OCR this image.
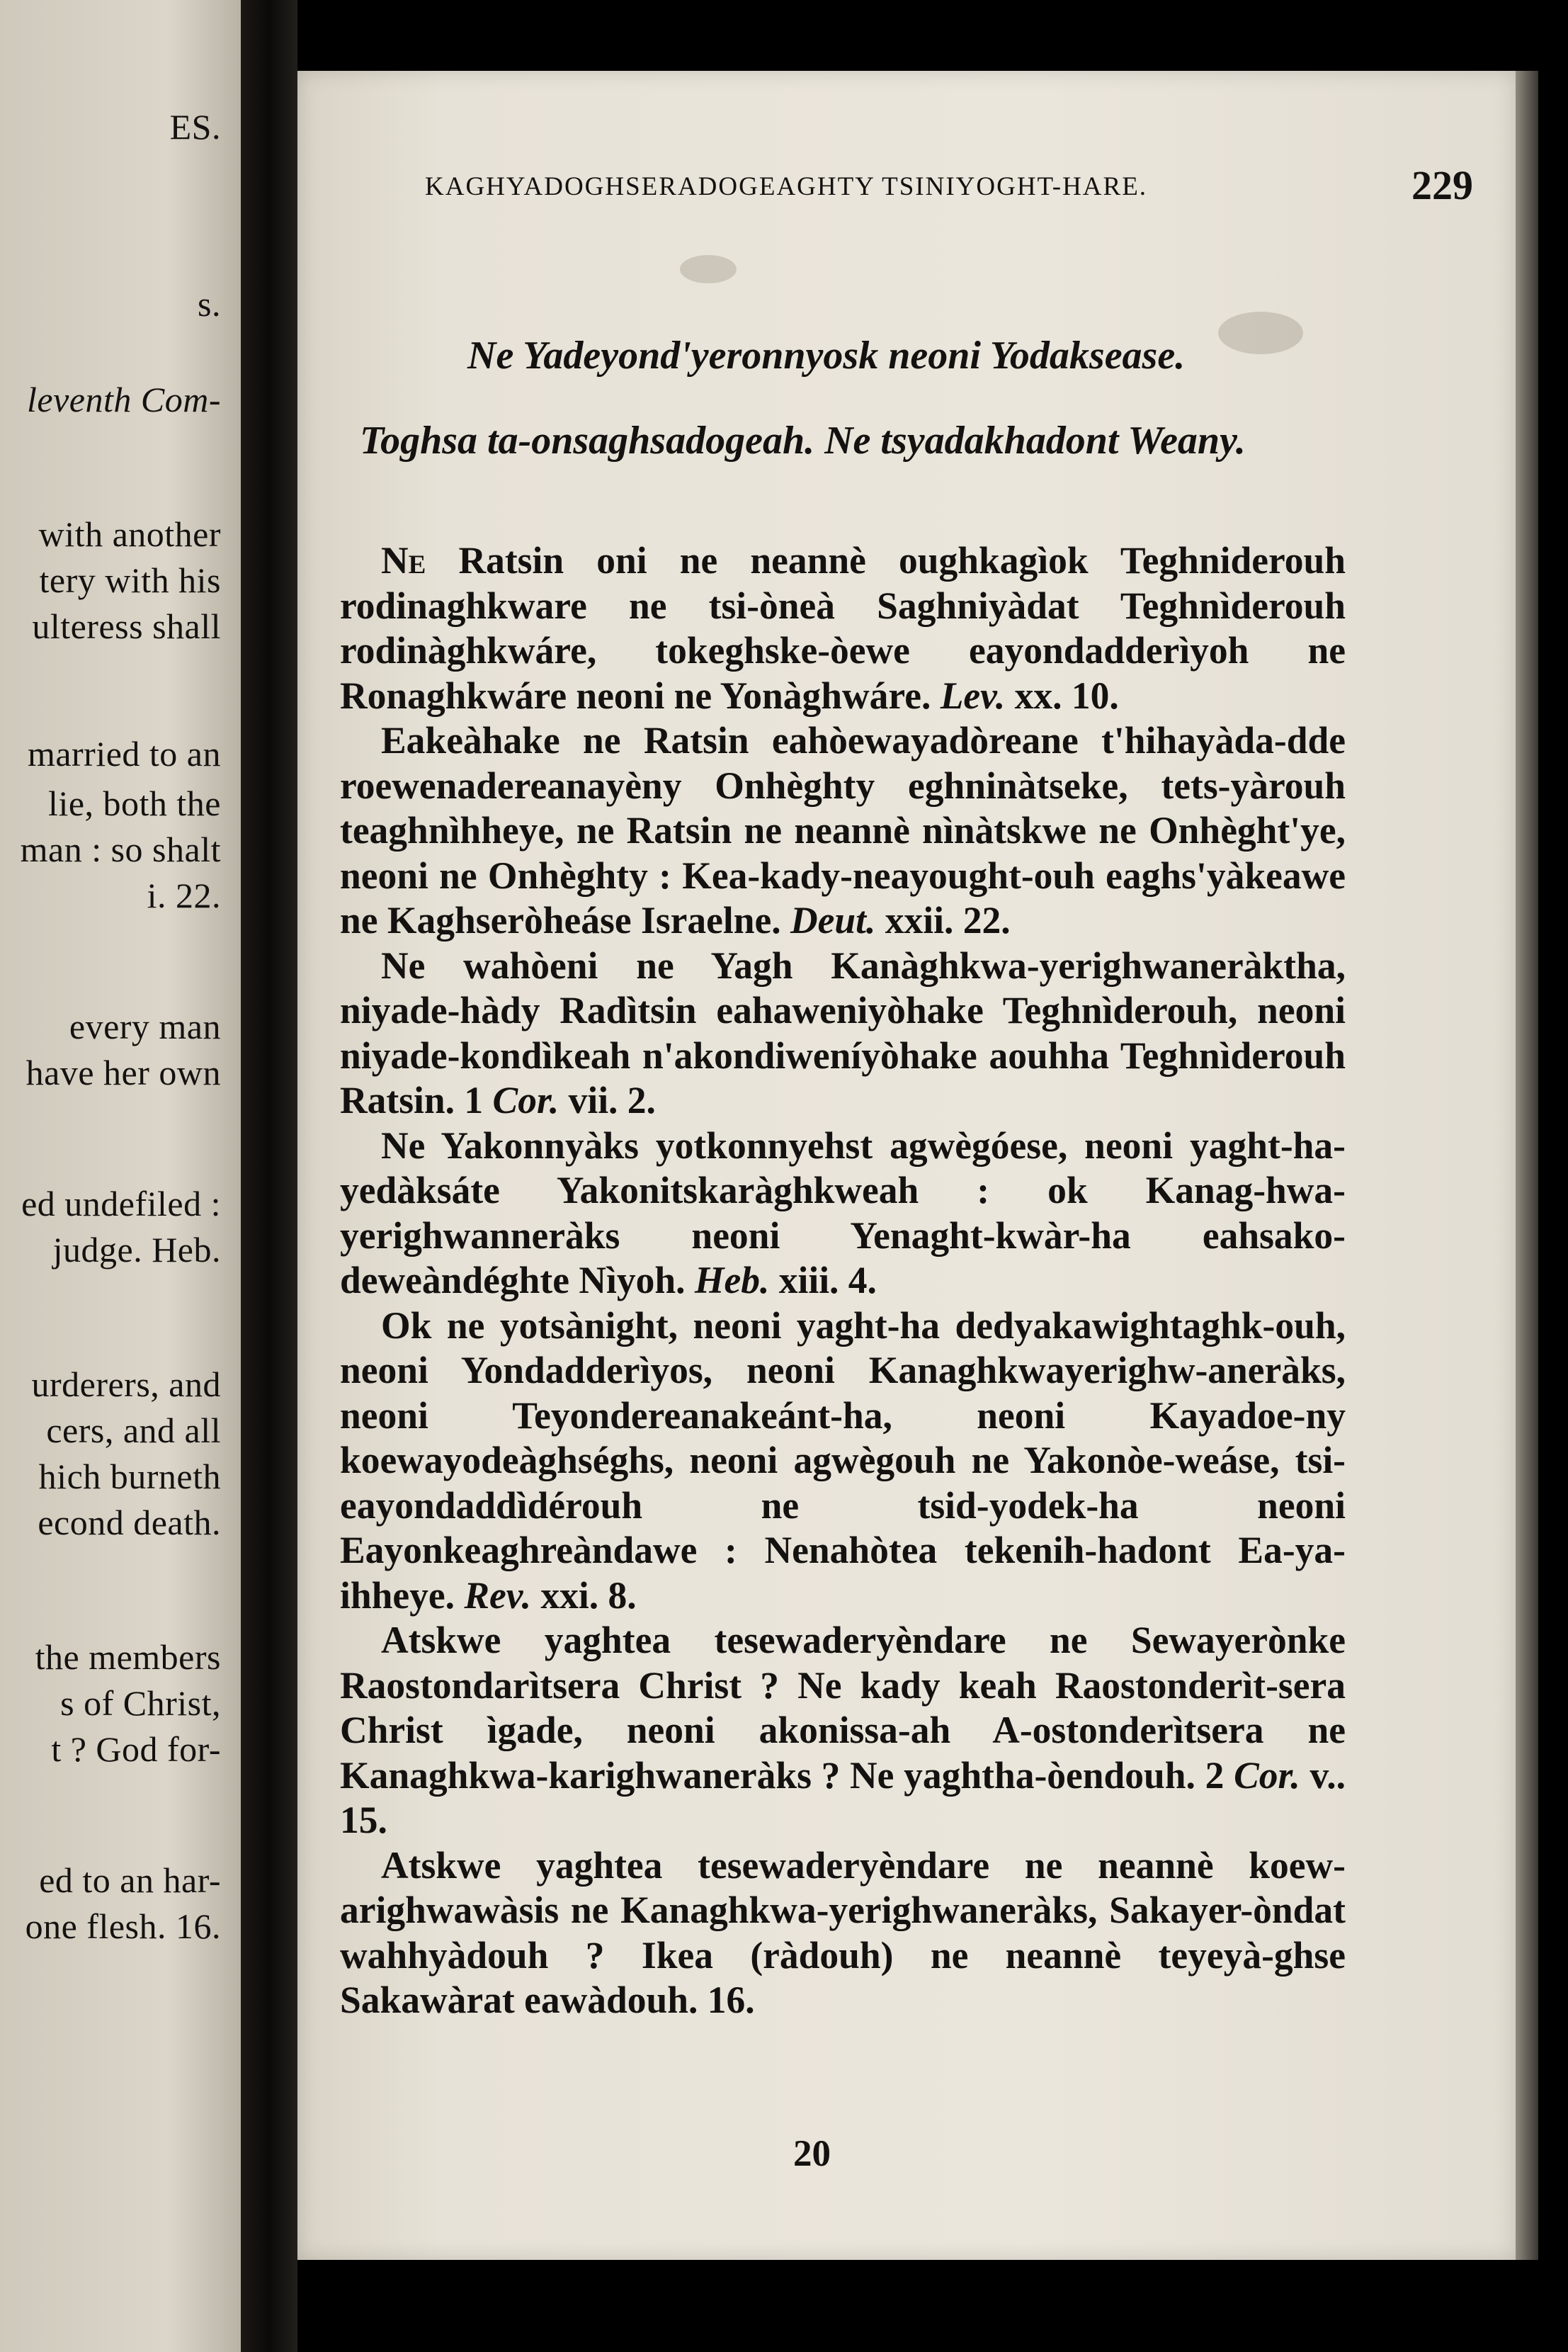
ES.
s.
leventh Com-
with another
tery with his
ulteress shall
married to an
lie, both the
man : so shalt
i. 22.
every man
have her own
ed undefiled :
judge. Heb.
urderers, and
cers, and all
hich burneth
econd death.
the members
s of Christ,
t ? God for-
ed to an har-
one flesh. 16.
KAGHYADOGHSERADOGEAGHTY TSINIYOGHT-HARE.	229
Ne Yadeyond'yeronnyosk neoni Yodaksease.
Toghsa ta-onsaghsadogeah. Ne tsyadakhadont Weany.

Ne Ratsin oni ne neannè oughkagìok Teghniderouh rodinaghkware ne tsi-òneà Saghniyàdat Teghnìderouh rodinàghkwáre, tokeghske-òewe eayondadderìyoh ne Ronaghkwáre neoni ne Yonàghwáre. Lev. xx. 10.

Eakeàhake ne Ratsin eahòewayadòreane t'hihayàda-dde roewenadereanayèny Onhèghty eghninàtseke, tets-yàrouh teaghnìhheye, ne Ratsin ne neannè nìnàtskwe ne Onhèght'ye, neoni ne Onhèghty : Kea-kady-neayought-ouh eaghs'yàkeawe ne Kaghseròheáse Israelne. Deut. xxii. 22.

Ne wahòeni ne Yagh Kanàghkwa-yerighwaneràktha, niyade-hàdy Radìtsin eahaweniyòhake Teghnìderouh, neoni niyade-kondìkeah n'akondiweníyòhake aouhha Teghnìderouh Ratsin. 1 Cor. vii. 2.

Ne Yakonnyàks yotkonnyehst agwègóese, neoni yaght-ha-yedàksáte Yakonitskaràghkweah : ok Kanag-hwa-yerighwanneràks neoni Yenaght-kwàr-ha eahsako-deweàndéghte Nìyoh. Heb. xiii. 4.

Ok ne yotsànight, neoni yaght-ha dedyakawightaghk-ouh, neoni Yondadderìyos, neoni Kanaghkwayerighw-aneràks, neoni Teyondereanakeánt-ha, neoni Kayadoe-ny koewayodeàghséghs, neoni agwègouh ne Yakonòe-weáse, tsi-eayondaddìdérouh ne tsid-yodek-ha neoni Eayonkeaghreàndawe : Nenahòtea tekenih-hadont Ea-ya-ihheye. Rev. xxi. 8.

Atskwe yaghtea tesewaderyèndare ne Sewayerònke Raostondarìtsera Christ ? Ne kady keah Raostonderìt-sera Christ ìgade, neoni akonissa-ah A-ostonderìtsera ne Kanaghkwa-karighwaneràks ? Ne yaghtha-òendouh. 2 Cor. v.. 15.

Atskwe yaghtea tesewaderyèndare ne neannè koew-arighwawàsis ne Kanaghkwa-yerighwaneràks, Sakayer-òndat wahhyàdouh ? Ikea (ràdouh) ne neannè teyeyà-ghse Sakawàrat eawàdouh. 16.

20
